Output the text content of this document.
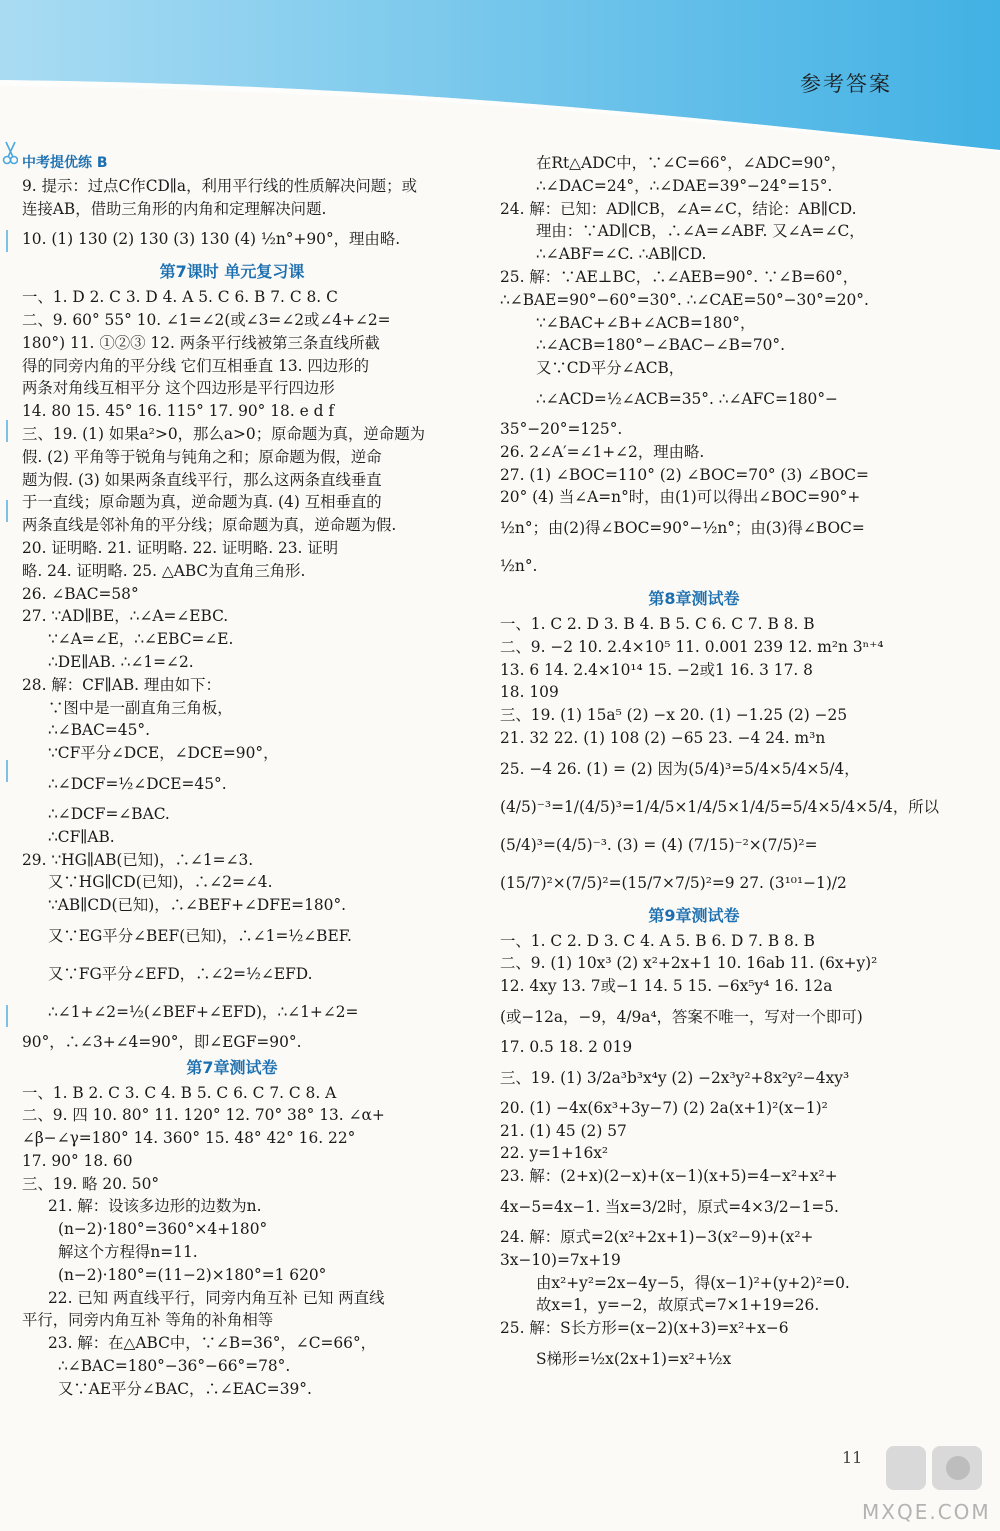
参考答案
中考提优练 B
9. 提示：过点C作CD∥a，利用平行线的性质解决问题；或
连接AB，借助三角形的内角和定理解决问题.
10. (1) 130 (2) 130 (3) 130 (4) ½n°+90°，理由略.
第7课时 单元复习课
一、1. D 2. C 3. D 4. A 5. C 6. B 7. C 8. C
二、9. 60° 55° 10. ∠1=∠2(或∠3=∠2或∠4+∠2=
180°) 11. ①②③ 12. 两条平行线被第三条直线所截
得的同旁内角的平分线 它们互相垂直 13. 四边形的
两条对角线互相平分 这个四边形是平行四边形
14. 80 15. 45° 16. 115° 17. 90° 18. e d f
三、19. (1) 如果a²>0，那么a>0；原命题为真，逆命题为
假. (2) 平角等于锐角与钝角之和；原命题为假，逆命
题为假. (3) 如果两条直线平行，那么这两条直线垂直
于一直线；原命题为真，逆命题为真. (4) 互相垂直的
两条直线是邻补角的平分线；原命题为真，逆命题为假.
20. 证明略. 21. 证明略. 22. 证明略. 23. 证明
略. 24. 证明略. 25. △ABC为直角三角形.
26. ∠BAC=58°
27. ∵AD∥BE，∴∠A=∠EBC.
∵∠A=∠E，∴∠EBC=∠E.
∴DE∥AB. ∴∠1=∠2.
28. 解：CF∥AB. 理由如下：
∵图中是一副直角三角板，
∴∠BAC=45°.
∵CF平分∠DCE，∠DCE=90°，
∴∠DCF=½∠DCE=45°.
∴∠DCF=∠BAC.
∴CF∥AB.
29. ∵HG∥AB(已知)，∴∠1=∠3.
又∵HG∥CD(已知)，∴∠2=∠4.
∵AB∥CD(已知)，∴∠BEF+∠DFE=180°.
又∵EG平分∠BEF(已知)，∴∠1=½∠BEF.
又∵FG平分∠EFD，∴∠2=½∠EFD.
∴∠1+∠2=½(∠BEF+∠EFD)，∴∠1+∠2=
90°，∴∠3+∠4=90°，即∠EGF=90°.
第7章测试卷
一、1. B 2. C 3. C 4. B 5. C 6. C 7. C 8. A
二、9. 四 10. 80° 11. 120° 12. 70° 38° 13. ∠α+
∠β−∠γ=180° 14. 360° 15. 48° 42° 16. 22°
17. 90° 18. 60
三、19. 略 20. 50°
21. 解：设该多边形的边数为n.
(n−2)·180°=360°×4+180°
解这个方程得n=11.
(n−2)·180°=(11−2)×180°=1 620°
22. 已知 两直线平行，同旁内角互补 已知 两直线
平行，同旁内角互补 等角的补角相等
23. 解：在△ABC中，∵∠B=36°，∠C=66°，
∴∠BAC=180°−36°−66°=78°.
又∵AE平分∠BAC，∴∠EAC=39°.
在Rt△ADC中，∵∠C=66°，∠ADC=90°，
∴∠DAC=24°，∴∠DAE=39°−24°=15°.
24. 解：已知：AD∥CB，∠A=∠C，结论：AB∥CD.
理由：∵AD∥CB，∴∠A=∠ABF. 又∠A=∠C，
∴∠ABF=∠C. ∴AB∥CD.
25. 解：∵AE⊥BC，∴∠AEB=90°. ∵∠B=60°，
∴∠BAE=90°−60°=30°. ∴∠CAE=50°−30°=20°.
∵∠BAC+∠B+∠ACB=180°，
∴∠ACB=180°−∠BAC−∠B=70°.
又∵CD平分∠ACB，
∴∠ACD=½∠ACB=35°. ∴∠AFC=180°−
35°−20°=125°.
26. 2∠A′=∠1+∠2，理由略.
27. (1) ∠BOC=110° (2) ∠BOC=70° (3) ∠BOC=
20° (4) 当∠A=n°时，由(1)可以得出∠BOC=90°+
½n°；由(2)得∠BOC=90°−½n°；由(3)得∠BOC=
½n°.
第8章测试卷
一、1. C 2. D 3. B 4. B 5. C 6. C 7. B 8. B
二、9. −2 10. 2.4×10⁵ 11. 0.001 239 12. m²n 3ⁿ⁺⁴
13. 6 14. 2.4×10¹⁴ 15. −2或1 16. 3 17. 8
18. 109
三、19. (1) 15a⁵ (2) −x 20. (1) −1.25 (2) −25
21. 32 22. (1) 108 (2) −65 23. −4 24. m³n
25. −4 26. (1) = (2) 因为(5/4)³=5/4×5/4×5/4，
(4/5)⁻³=1/(4/5)³=1/4/5×1/4/5×1/4/5=5/4×5/4×5/4，所以
(5/4)³=(4/5)⁻³. (3) = (4) (7/15)⁻²×(7/5)²=
(15/7)²×(7/5)²=(15/7×7/5)²=9 27. (3¹⁰¹−1)/2
第9章测试卷
一、1. C 2. D 3. C 4. A 5. B 6. D 7. B 8. B
二、9. (1) 10x³ (2) x²+2x+1 10. 16ab 11. (6x+y)²
12. 4xy 13. 7或−1 14. 5 15. −6x⁵y⁴ 16. 12a
(或−12a，−9，4/9a⁴，答案不唯一，写对一个即可)
17. 0.5 18. 2 019
三、19. (1) 3/2a³b³x⁴y (2) −2x³y²+8x²y²−4xy³
20. (1) −4x(6x³+3y−7) (2) 2a(x+1)²(x−1)²
21. (1) 45 (2) 57
22. y=1+16x²
23. 解：(2+x)(2−x)+(x−1)(x+5)=4−x²+x²+
4x−5=4x−1. 当x=3/2时，原式=4×3/2−1=5.
24. 解：原式=2(x²+2x+1)−3(x²−9)+(x²+
3x−10)=7x+19
由x²+y²=2x−4y−5，得(x−1)²+(y+2)²=0.
故x=1，y=−2，故原式=7×1+19=26.
25. 解：S长方形=(x−2)(x+3)=x²+x−6
S梯形=½x(2x+1)=x²+½x
11
MXQE.COM
